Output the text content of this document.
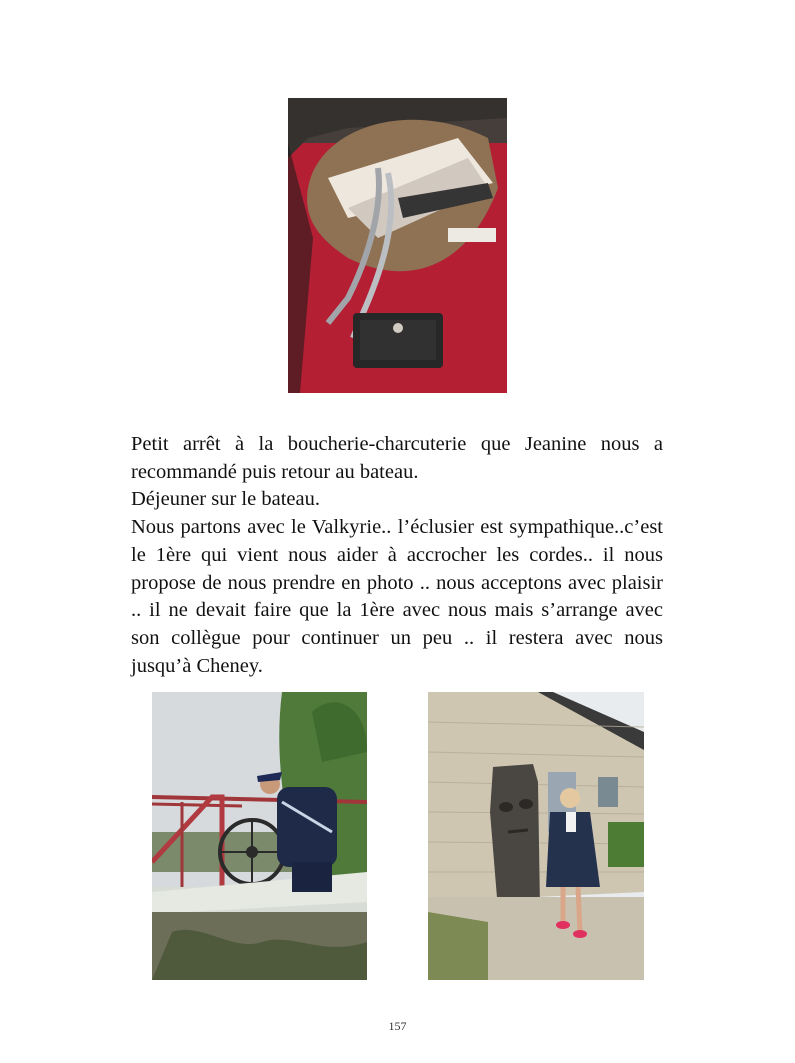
Petit arrêt à la boucherie-charcuterie que Jeanine nous a recommandé puis retour au bateau.

Déjeuner sur le bateau.

Nous partons avec le Valkyrie.. l’éclusier est sympathique..c’est le 1ère qui vient nous aider à accrocher les cordes.. il nous propose de nous prendre en photo .. nous acceptons avec plaisir .. il ne devait faire que la 1ère avec nous mais s’arrange avec son collègue pour continuer un peu .. il restera avec nous jusqu’à Cheney.

157
